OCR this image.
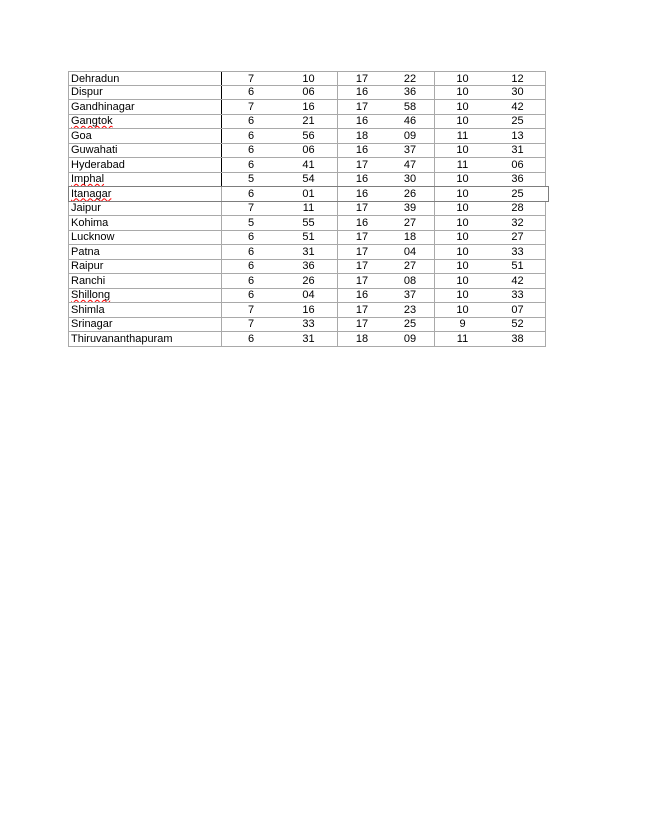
Dehradun	7	10	17	22	10	12
Dispur	6	06	16	36	10	30
Gandhinagar	7	16	17	58	10	42
Gangtok	6	21	16	46	10	25
Goa	6	56	18	09	11	13
Guwahati	6	06	16	37	10	31
Hyderabad	6	41	17	47	11	06
Imphal	5	54	16	30	10	36
Itanagar	6	01	16	26	10	25
Jaipur	7	11	17	39	10	28
Kohima	5	55	16	27	10	32
Lucknow	6	51	17	18	10	27
Patna	6	31	17	04	10	33
Raipur	6	36	17	27	10	51
Ranchi	6	26	17	08	10	42
Shillong	6	04	16	37	10	33
Shimla	7	16	17	23	10	07
Srinagar	7	33	17	25	9	52
Thiruvananthapuram	6	31	18	09	11	38
